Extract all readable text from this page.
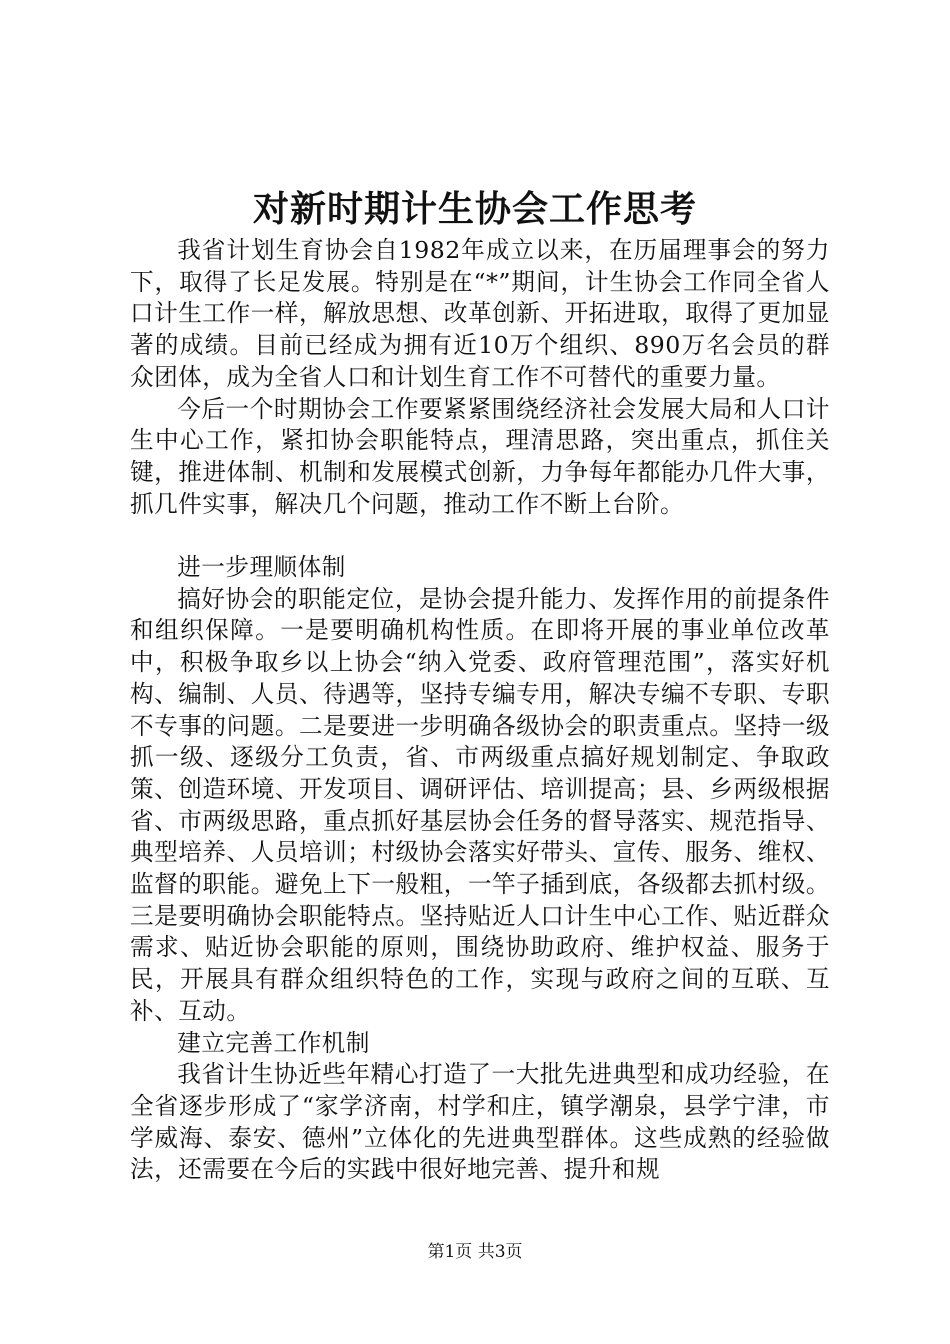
对新时期计生协会工作思考

我省计划生育协会自1982年成立以来，在历届理事会的努力下，取得了长足发展。特别是在“*”期间，计生协会工作同全省人口计生工作一样，解放思想、改革创新、开拓进取，取得了更加显著的成绩。目前已经成为拥有近10万个组织、890万名会员的群众团体，成为全省人口和计划生育工作不可替代的重要力量。

今后一个时期协会工作要紧紧围绕经济社会发展大局和人口计生中心工作，紧扣协会职能特点，理清思路，突出重点，抓住关键，推进体制、机制和发展模式创新，力争每年都能办几件大事，抓几件实事，解决几个问题，推动工作不断上台阶。

进一步理顺体制

搞好协会的职能定位，是协会提升能力、发挥作用的前提条件和组织保障。一是要明确机构性质。在即将开展的事业单位改革中，积极争取乡以上协会“纳入党委、政府管理范围”，落实好机构、编制、人员、待遇等，坚持专编专用，解决专编不专职、专职不专事的问题。二是要进一步明确各级协会的职责重点。坚持一级抓一级、逐级分工负责，省、市两级重点搞好规划制定、争取政策、创造环境、开发项目、调研评估、培训提高；县、乡两级根据省、市两级思路，重点抓好基层协会任务的督导落实、规范指导、典型培养、人员培训；村级协会落实好带头、宣传、服务、维权、监督的职能。避免上下一般粗，一竿子插到底，各级都去抓村级。三是要明确协会职能特点。坚持贴近人口计生中心工作、贴近群众需求、贴近协会职能的原则，围绕协助政府、维护权益、服务于民，开展具有群众组织特色的工作，实现与政府之间的互联、互补、互动。

建立完善工作机制

我省计生协近些年精心打造了一大批先进典型和成功经验，在全省逐步形成了“家学济南，村学和庄，镇学潮泉，县学宁津，市学威海、泰安、德州”立体化的先进典型群体。这些成熟的经验做法，还需要在今后的实践中很好地完善、提升和规

第1页 共3页
